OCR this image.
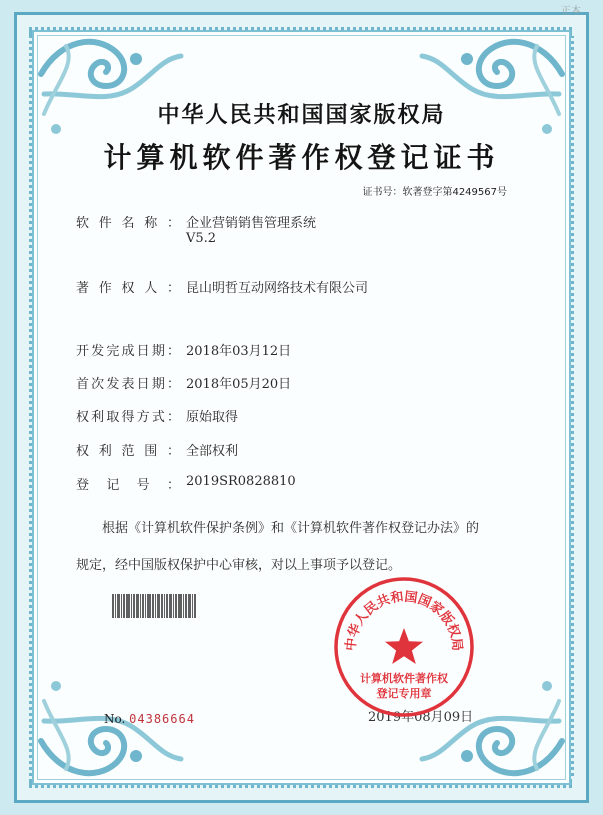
正本
中华人民共和国国家版权局
计算机软件著作权登记证书
证书号：软著登字第4249567号
软件名称： 企业营销销售管理系统
V5.2
著作权人： 昆山明哲互动网络技术有限公司
开发完成日期： 2018年03月12日
首次发表日期： 2018年05月20日
权利取得方式： 原始取得
权利范围： 全部权利
登记号： 2019SR0828810
根据《计算机软件保护条例》和《计算机软件著作权登记办法》的
规定，经中国版权保护中心审核，对以上事项予以登记。
No. 04386664	2019年08月09日
中华人民共和国国家版权局
计算机软件著作权
登记专用章
